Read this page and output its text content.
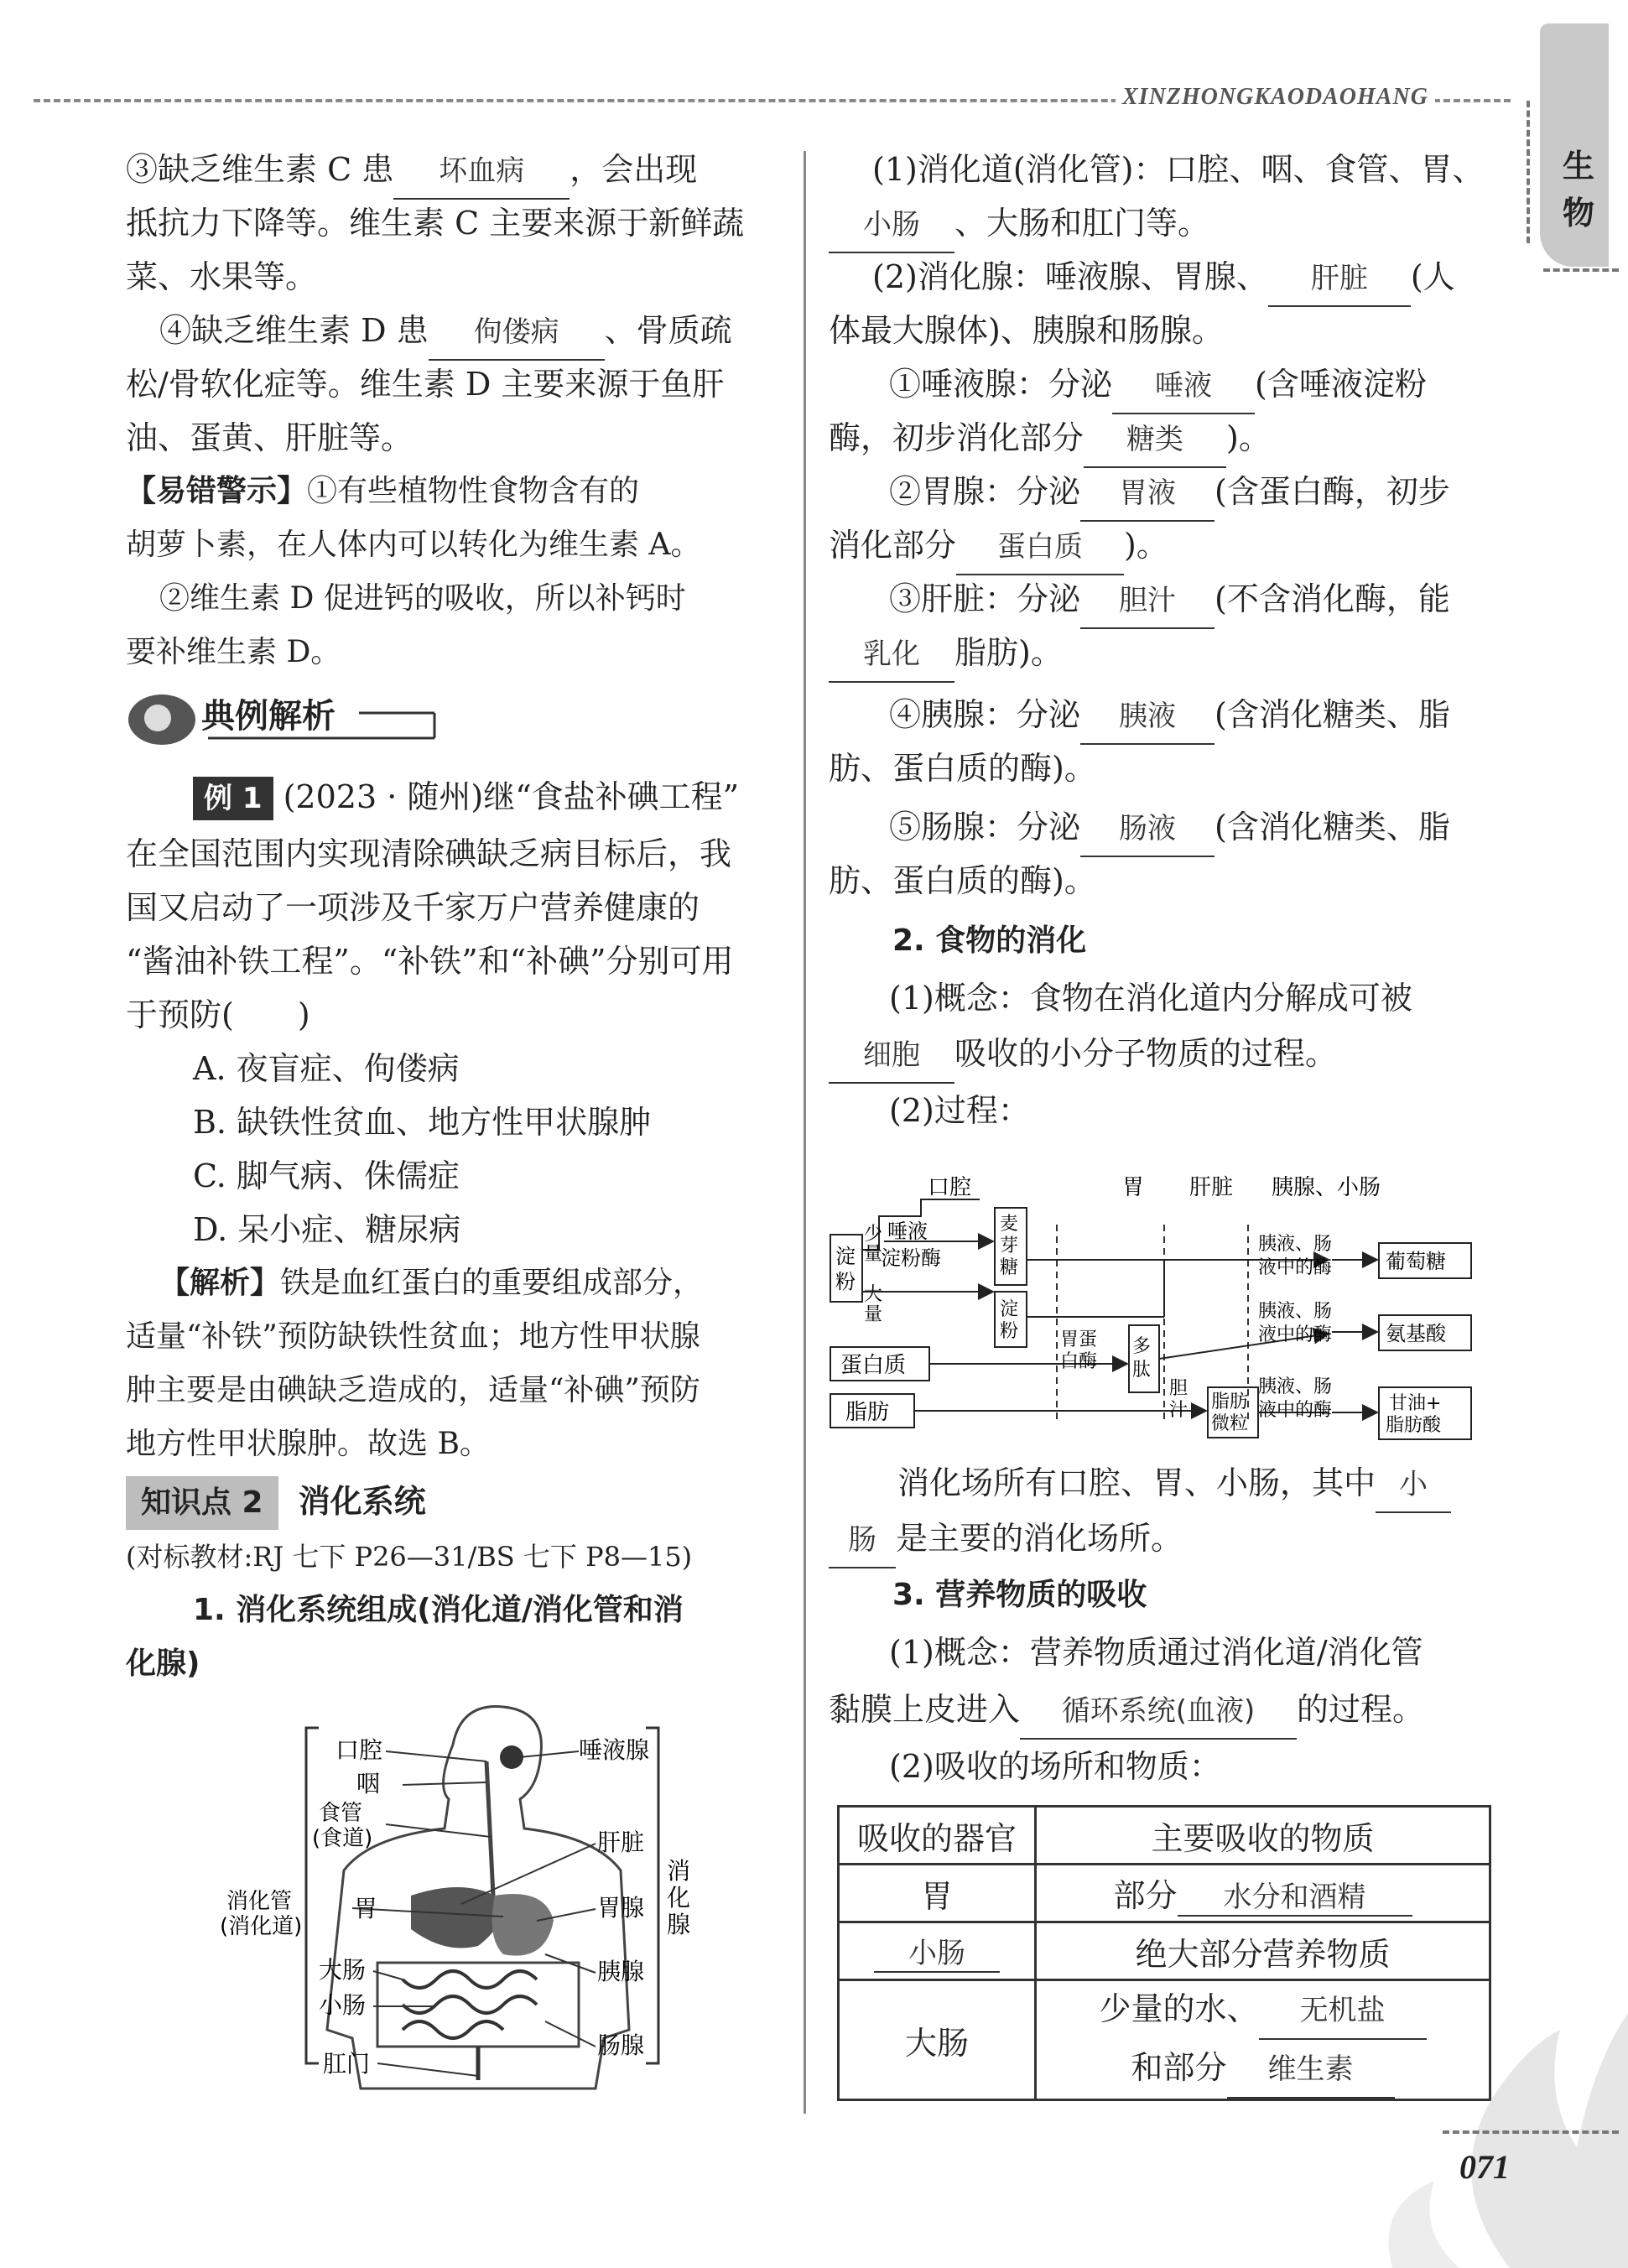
XINZHONGKAODAOHANG
生物
③缺乏维生素 C 患 坏血病 ，会出现
抵抗力下降等。维生素 C 主要来源于新鲜蔬
菜、水果等。
④缺乏维生素 D 患 佝偻病 、骨质疏
松/骨软化症等。维生素 D 主要来源于鱼肝
油、蛋黄、肝脏等。
【易错警示】①有些植物性食物含有的
胡萝卜素，在人体内可以转化为维生素 A。
②维生素 D 促进钙的吸收，所以补钙时
要补维生素 D。
典例解析
例 1 (2023 · 随州)继“食盐补碘工程”
在全国范围内实现清除碘缺乏病目标后，我
国又启动了一项涉及千家万户营养健康的
“酱油补铁工程”。“补铁”和“补碘”分别可用
于预防(　　)
A. 夜盲症、佝偻病
B. 缺铁性贫血、地方性甲状腺肿
C. 脚气病、侏儒症
D. 呆小症、糖尿病
【解析】铁是血红蛋白的重要组成部分，
适量“补铁”预防缺铁性贫血；地方性甲状腺
肿主要是由碘缺乏造成的，适量“补碘”预防
地方性甲状腺肿。故选 B。
知识点 2 消化系统
(对标教材:RJ 七下 P26—31/BS 七下 P8—15)
1. 消化系统组成(消化道/消化管和消
化腺)
口腔
咽
食管
(食道)
消化管
(消化道)
胃
大肠
小肠
肛门
唾液腺
肝脏
胃腺
胰腺
肠腺
消
化
腺
(1)消化道(消化管)：口腔、咽、食管、胃、
小肠 、大肠和肛门等。
(2)消化腺：唾液腺、胃腺、 肝脏 (人
体最大腺体)、胰腺和肠腺。
①唾液腺：分泌 唾液 (含唾液淀粉
酶，初步消化部分 糖类 )。
②胃腺：分泌 胃液 (含蛋白酶，初步
消化部分 蛋白质 )。
③肝脏：分泌 胆汁 (不含消化酶，能
乳化 脂肪)。
④胰腺：分泌 胰液 (含消化糖类、脂
肪、蛋白质的酶)。
⑤肠腺：分泌 肠液 (含消化糖类、脂
肪、蛋白质的酶)。
2. 食物的消化
(1)概念：食物在消化道内分解成可被
细胞 吸收的小分子物质的过程。
(2)过程：
口腔	胃 肝脏 胰腺、小肠
淀
粉
少
量
唾液
淀粉酶
大
量
麦
芽
糖
淀
粉
蛋白质
胃蛋
白酶
多
肽
脂肪
胆
汁 脂肪
微粒
胰液、肠
液中的酶
胰液、肠
液中的酶
胰液、肠
液中的酶
葡萄糖
氨基酸
甘油+
脂肪酸
消化场所有口腔、胃、小肠，其中 小
肠 是主要的消化场所。
3. 营养物质的吸收
(1)概念：营养物质通过消化道/消化管
黏膜上皮进入 循环系统(血液) 的过程。
(2)吸收的场所和物质：
吸收的器官	主要吸收的物质
胃	部分 水分和酒精
小肠	绝大部分营养物质
大肠	少量的水、 无机盐
和部分 维生素
071
